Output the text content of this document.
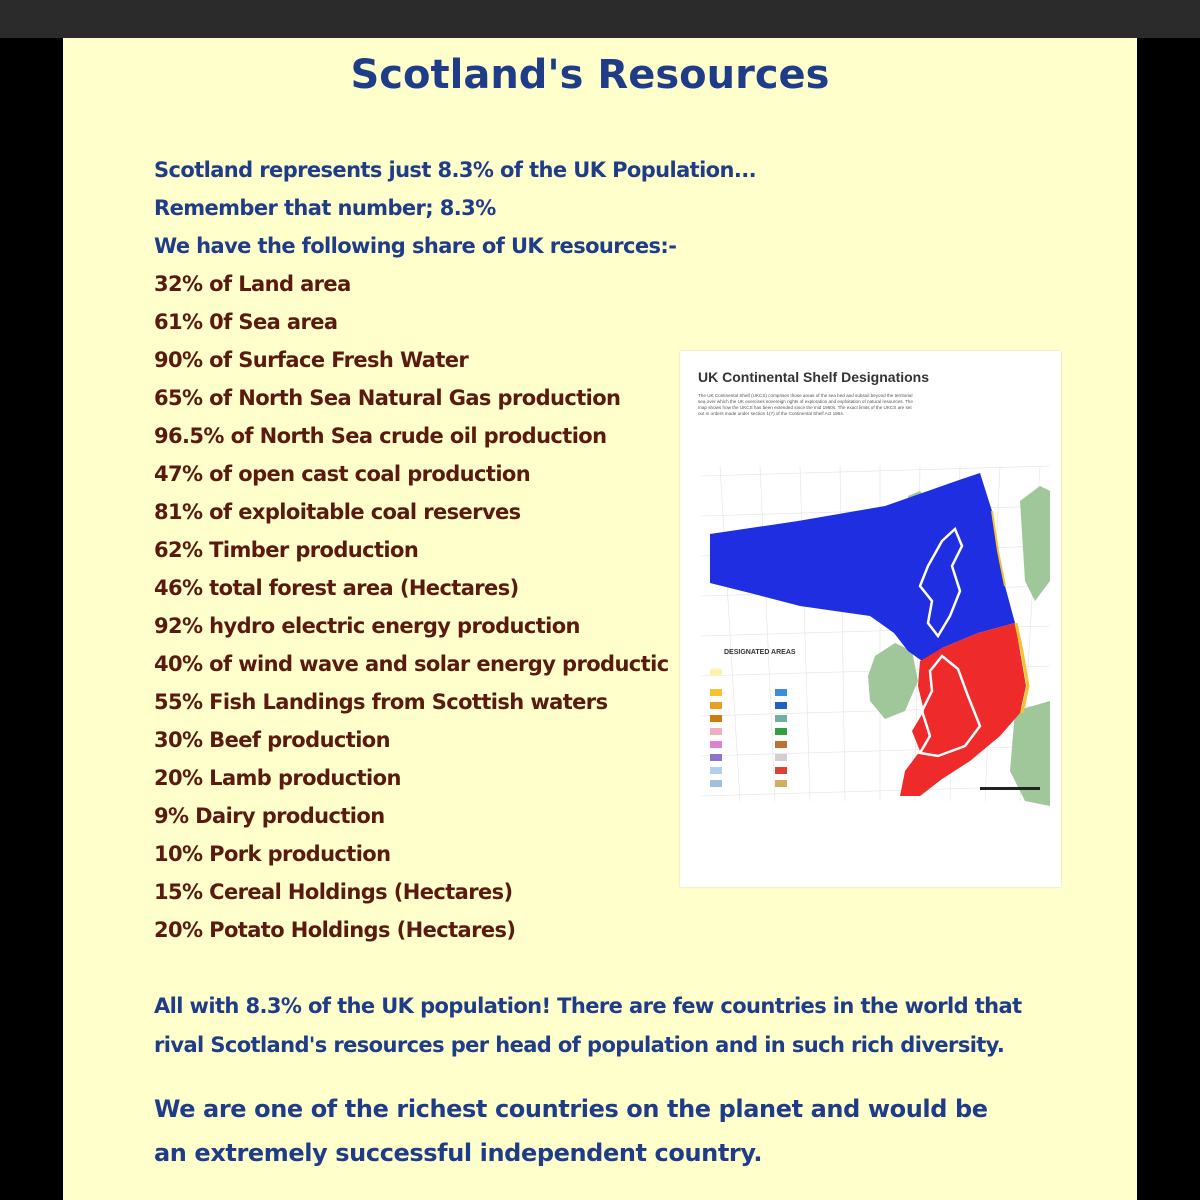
Scotland's Resources
Scotland represents just 8.3% of the UK Population...
Remember that number; 8.3%
We have the following share of UK resources:-
32% of Land area
61% 0f Sea area
90% of Surface Fresh Water
65% of North Sea Natural Gas production
96.5% of North Sea crude oil production
47% of open cast coal production
81% of exploitable coal reserves
62% Timber production
46% total forest area (Hectares)
92% hydro electric energy production
40% of wind wave and solar energy productic
55% Fish Landings from Scottish waters
30% Beef production
20% Lamb production
9% Dairy production
10% Pork production
15% Cereal Holdings (Hectares)
20% Potato Holdings (Hectares)
All with 8.3% of the UK population! There are few countries in the world that
rival Scotland's resources per head of population and in such rich diversity.
We are one of the richest countries on the planet and would be
an extremely successful independent country.
UK Continental Shelf Designations
The UK Continental Shelf (UKCS) comprises those areas of the sea bed and subsoil beyond the territorial sea over which the UK exercises sovereign rights of exploration and exploitation of natural resources. The map shows how the UKCS has been extended since the mid 1960s. The exact limits of the UKCS are set out in orders made under section 1(7) of the Continental Shelf Act 1964.
DESIGNATED AREAS
